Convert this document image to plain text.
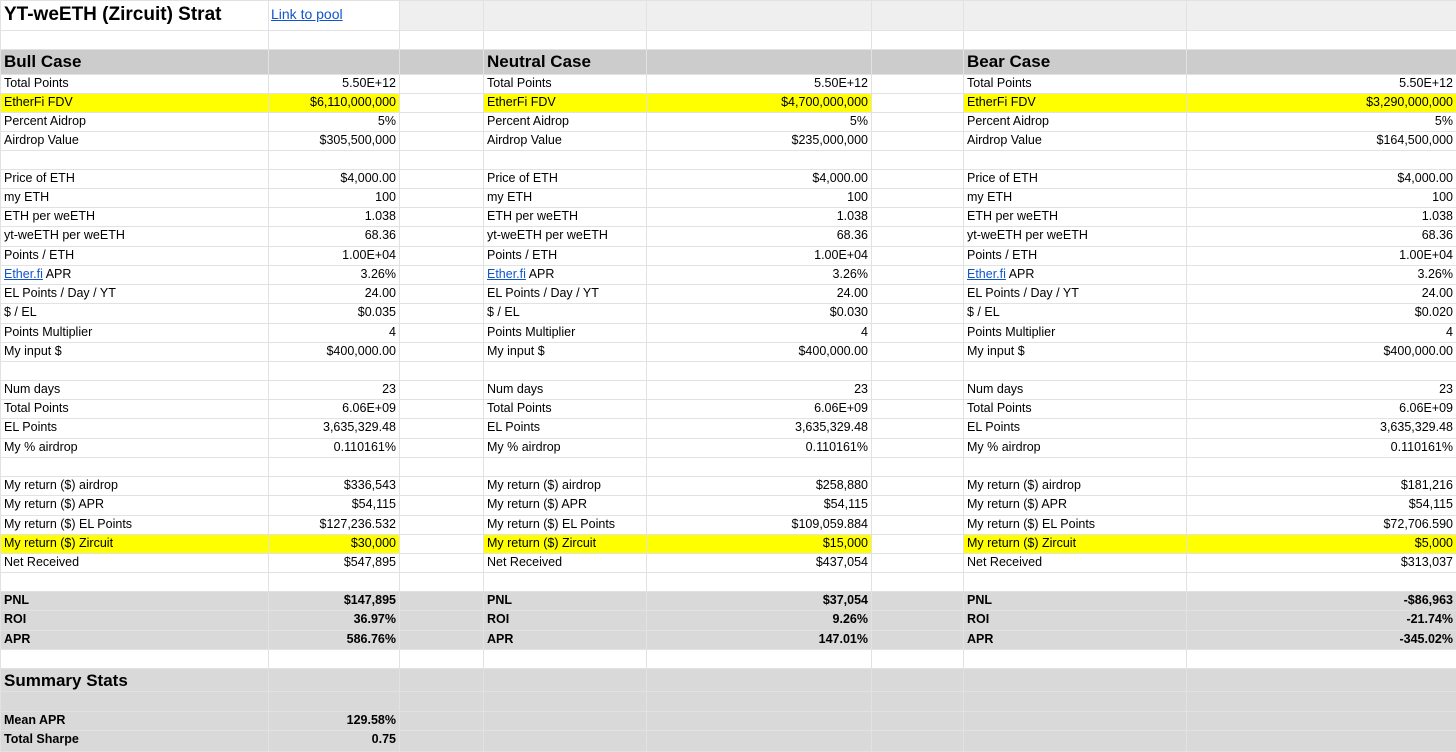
YT-weETH (Zircuit) Strat	Link to pool
Bull Case
Total Points	5.50E+12
EtherFi FDV	$6,110,000,000
Percent Aidrop	5%
Airdrop Value	$305,500,000
Price of ETH	$4,000.00
my ETH	100
ETH per weETH	1.038
yt-weETH per weETH	68.36
Points / ETH	1.00E+04
Ether.fi APR	3.26%
EL Points / Day / YT	24.00
$ / EL	$0.035
Points Multiplier	4
My input $	$400,000.00
Num days	23
Total Points	6.06E+09
EL Points	3,635,329.48
My % airdrop	0.110161%
My return ($) airdrop	$336,543
My return ($) APR	$54,115
My return ($) EL Points	$127,236.532
My return ($) Zircuit	$30,000
Net Received	$547,895
PNL	$147,895
ROI	36.97%
APR	586.76%
Neutral Case
Total Points	5.50E+12
EtherFi FDV	$4,700,000,000
Percent Aidrop	5%
Airdrop Value	$235,000,000
Price of ETH	$4,000.00
my ETH	100
ETH per weETH	1.038
yt-weETH per weETH	68.36
Points / ETH	1.00E+04
Ether.fi APR	3.26%
EL Points / Day / YT	24.00
$ / EL	$0.030
Points Multiplier	4
My input $	$400,000.00
Num days	23
Total Points	6.06E+09
EL Points	3,635,329.48
My % airdrop	0.110161%
My return ($) airdrop	$258,880
My return ($) APR	$54,115
My return ($) EL Points	$109,059.884
My return ($) Zircuit	$15,000
Net Received	$437,054
PNL	$37,054
ROI	9.26%
APR	147.01%
Bear Case
Total Points	5.50E+12
EtherFi FDV	$3,290,000,000
Percent Aidrop	5%
Airdrop Value	$164,500,000
Price of ETH	$4,000.00
my ETH	100
ETH per weETH	1.038
yt-weETH per weETH	68.36
Points / ETH	1.00E+04
Ether.fi APR	3.26%
EL Points / Day / YT	24.00
$ / EL	$0.020
Points Multiplier	4
My input $	$400,000.00
Num days	23
Total Points	6.06E+09
EL Points	3,635,329.48
My % airdrop	0.110161%
My return ($) airdrop	$181,216
My return ($) APR	$54,115
My return ($) EL Points	$72,706.590
My return ($) Zircuit	$5,000
Net Received	$313,037
PNL	-$86,963
ROI	-21.74%
APR	-345.02%
Summary Stats
Mean APR	129.58%
Total Sharpe	0.75
